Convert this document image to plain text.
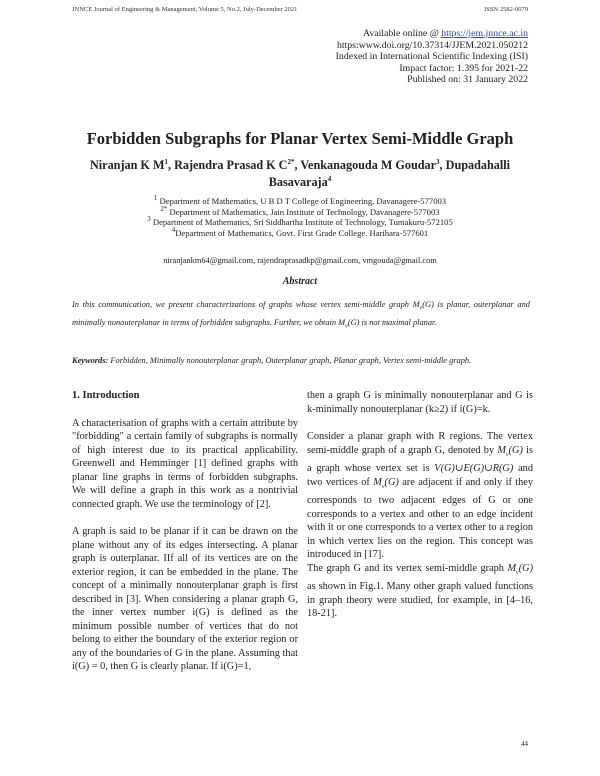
JNNCE Journal of Engineering & Management, Volume 5, No.2, July-December 2021	ISSN 2582-0079
Available online @ https://jem.jnnce.ac.in
https:www.doi.org/10.37314/JJEM.2021.050212
Indexed in International Scientific Indexing (ISI)
Impact factor: 1.395 for 2021-22
Published on: 31 January 2022
Forbidden Subgraphs for Planar Vertex Semi-Middle Graph
Niranjan K $M^1$, Rajendra Prasad K $C^{2*}$, Venkanagouda M Goudar$^3$, Dupadahalli Basavaraja$^4$
$^1$ Department of Mathematics, U B D T College of Engineering, Davanagere-577003
$^{2*}$ Department of Mathematics, Jain Institute of Technology, Davanagere-577003
$^3$ Department of Mathematics, Sri Siddhartha Institute of Technology, Tumakuru-572105
$^4$Department of Mathematics, Govt. First Grade College. Harihara-577601
niranjankm64@gmail.com, rajendraprasadkp@gmail.com, vmgouda@gmail.com
Abstract
In this communication, we present characterizations of graphs whose vertex semi-middle graph $M_v(G)$ is planar, outerplanar and minimally nonouterplanar in terms of forbidden subgraphs. Further, we obtain $M_v(G)$ is not maximal planar.
Keywords: Forbidden, Minimally nonouterplanar graph, Outerplanar graph, Planar graph, Vertex semi-middle graph.
1. Introduction

A characterisation of graphs with a certain attribute by "forbidding" a certain family of subgraphs is normally of high interest due to its practical applicability. Greenwell and Hemminger [1] defined graphs with planar line graphs in terms of forbidden subgraphs. We will define a graph in this work as a nontrivial connected graph. We use the terminology of [2].

A graph is said to be planar if it can be drawn on the plane without any of its edges intersecting. A planar graph is outerplanar. IIf all of its vertices are on the exterior region, it can be embedded in the plane. The concept of a minimally nonouterplanar graph is first described in [3]. When considering a planar graph G, the inner vertex number i(G) is defined as the minimum possible number of vertices that do not belong to either the boundary of the exterior region or any of the boundaries of G in the plane. Assuming that i(G) = 0, then G is clearly planar. If i(G)=1,

then a graph G is minimally nonouterplanar and G is k-minimally nonouterplanar (k≥2) if i(G)=k.

Consider a planar graph with R regions. The vertex semi-middle graph of a graph G, denoted by $M_v(G)$ is a graph whose vertex set is V(G)∪E(G)∪R(G) and two vertices of $M_v(G)$ are adjacent if and only if they corresponds to two adjacent edges of G or one corresponds to a vertex and other to an edge incident with it or one corresponds to a vertex other to a region in which vertex lies on the region. This concept was introduced in [17].

The graph G and its vertex semi-middle graph $M_v(G)$ as shown in Fig.1. Many other graph valued functions in graph theory were studied, for example, in [4–16, 18-21].

44
